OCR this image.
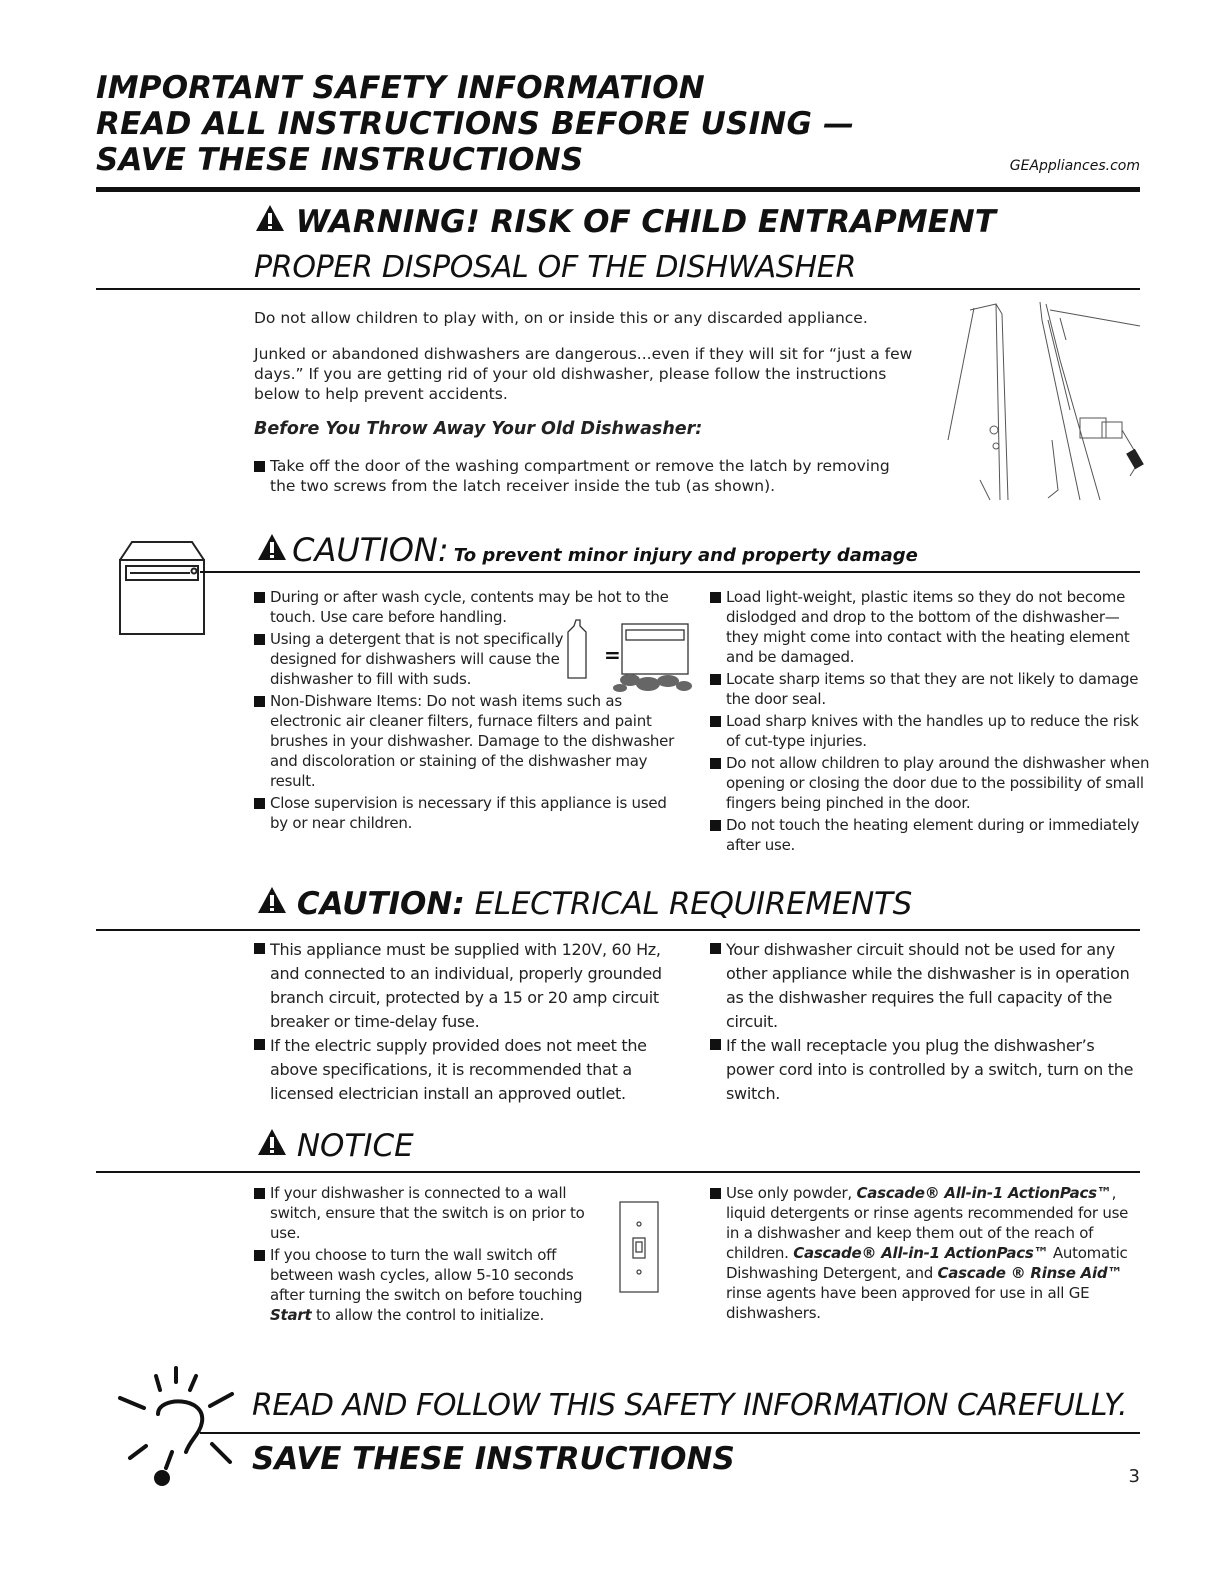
IMPORTANT SAFETY INFORMATION
READ ALL INSTRUCTIONS BEFORE USING —
SAVE THESE INSTRUCTIONS	GEAppliances.com
WARNING! RISK OF CHILD ENTRAPMENT
PROPER DISPOSAL OF THE DISHWASHER
Do not allow children to play with, on or inside this or any discarded appliance.
Junked or abandoned dishwashers are dangerous...even if they will sit for “just a few days.” If you are getting rid of your old dishwasher, please follow the instructions below to help prevent accidents.
Before You Throw Away Your Old Dishwasher:
Take off the door of the washing compartment or remove the latch by removing the two screws from the latch receiver inside the tub (as shown).
CAUTION: To prevent minor injury and property damage
During or after wash cycle, contents may be hot to the touch. Use care before handling.
Using a detergent that is not specifically designed for dishwashers will cause the dishwasher to fill with suds.
Non-Dishware Items: Do not wash items such as electronic air cleaner filters, furnace filters and paint brushes in your dishwasher. Damage to the dishwasher and discoloration or staining of the dishwasher may result.
Close supervision is necessary if this appliance is used by or near children.
=
Load light-weight, plastic items so they do not become dislodged and drop to the bottom of the dishwasher—they might come into contact with the heating element and be damaged.
Locate sharp items so that they are not likely to damage the door seal.
Load sharp knives with the handles up to reduce the risk of cut-type injuries.
Do not allow children to play around the dishwasher when opening or closing the door due to the possibility of small fingers being pinched in the door.
Do not touch the heating element during or immediately after use.
CAUTION: ELECTRICAL REQUIREMENTS
This appliance must be supplied with 120V, 60 Hz, and connected to an individual, properly grounded branch circuit, protected by a 15 or 20 amp circuit breaker or time-delay fuse.
If the electric supply provided does not meet the above specifications, it is recommended that a licensed electrician install an approved outlet.
Your dishwasher circuit should not be used for any other appliance while the dishwasher is in operation as the dishwasher requires the full capacity of the circuit.
If the wall receptacle you plug the dishwasher’s power cord into is controlled by a switch, turn on the switch.
NOTICE
If your dishwasher is connected to a wall switch, ensure that the switch is on prior to use.
If you choose to turn the wall switch off between wash cycles, allow 5-10 seconds after turning the switch on before touching Start to allow the control to initialize.
Use only powder, Cascade® All-in-1 ActionPacs™, liquid detergents or rinse agents recommended for use in a dishwasher and keep them out of the reach of children. Cascade® All-in-1 ActionPacs™ Automatic Dishwashing Detergent, and Cascade ® Rinse Aid™ rinse agents have been approved for use in all GE dishwashers.
READ AND FOLLOW THIS SAFETY INFORMATION CAREFULLY.
SAVE THESE INSTRUCTIONS	3
